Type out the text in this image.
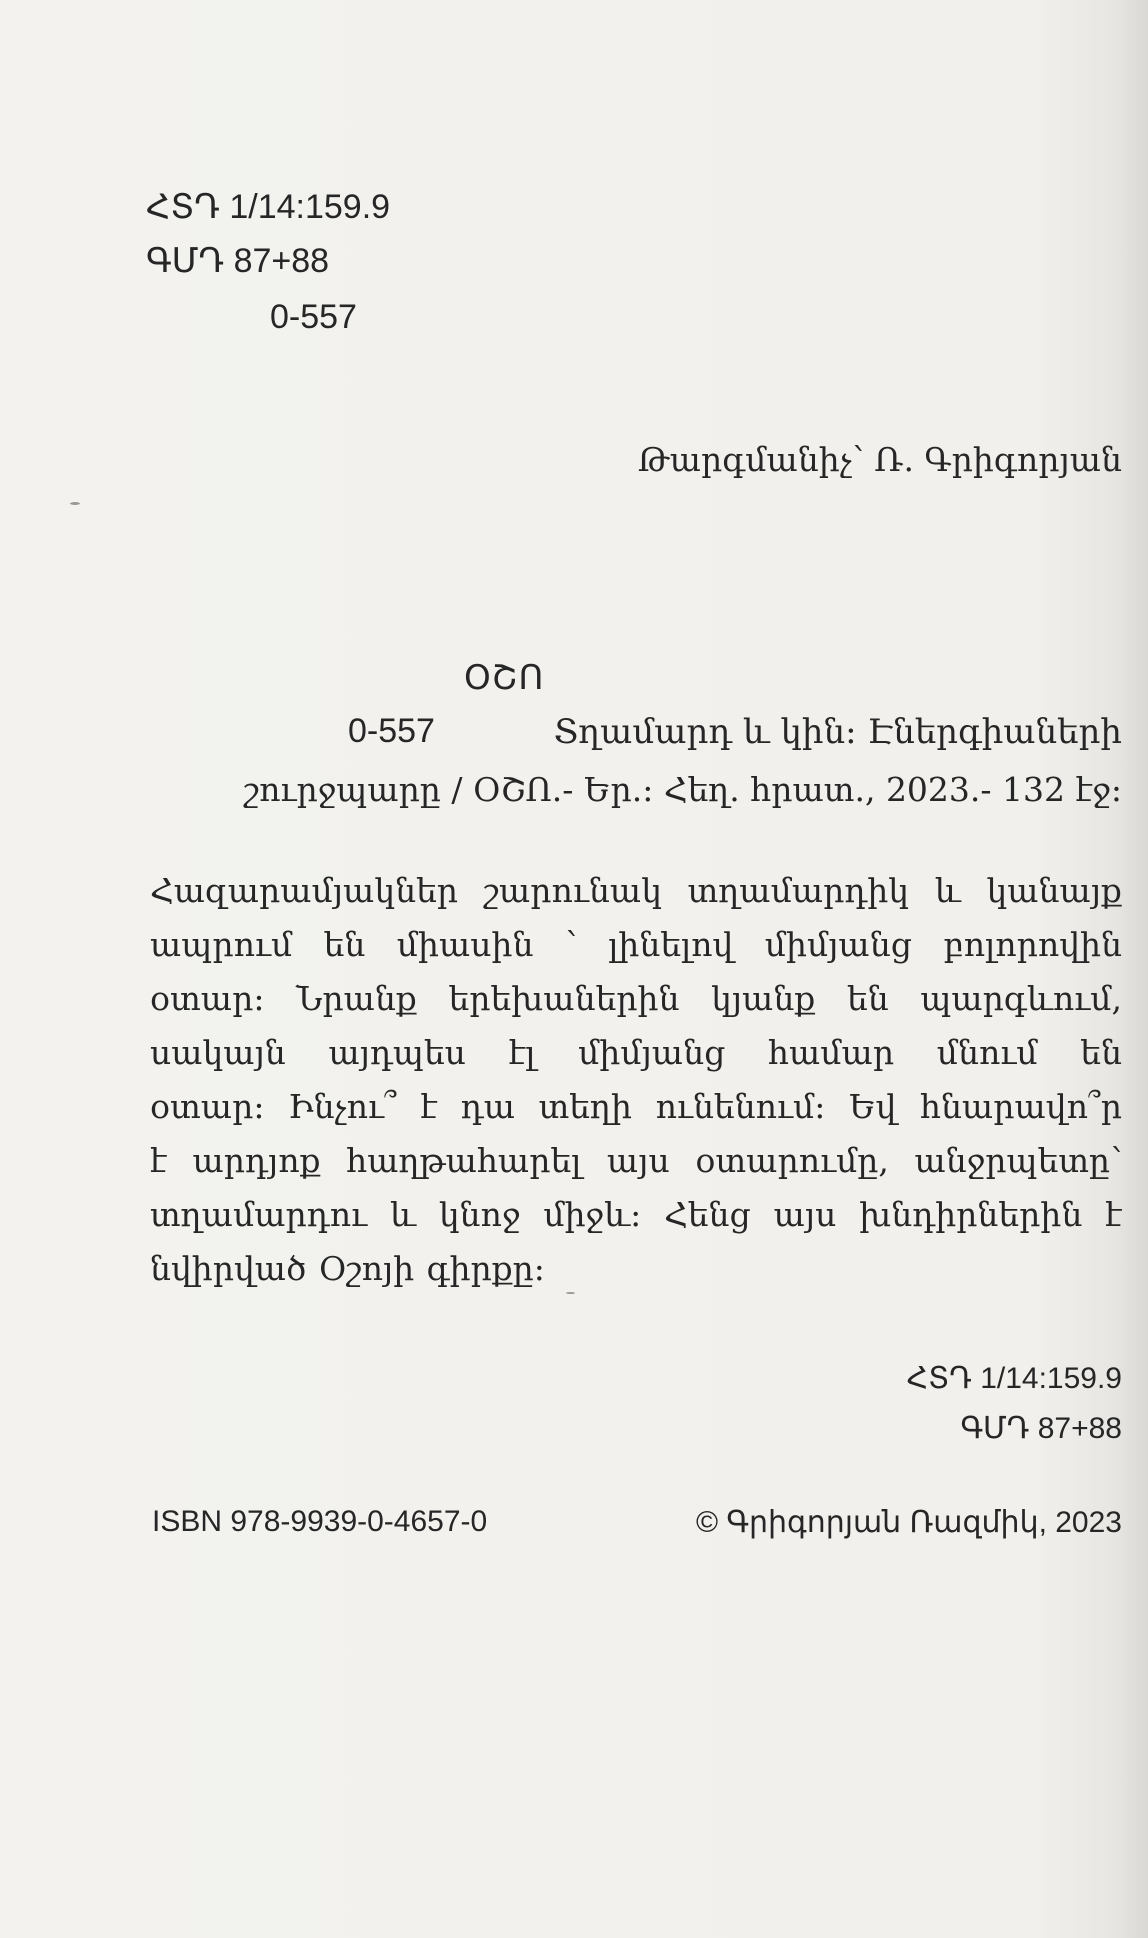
ՀՏԴ 1/14:159.9
ԳՄԴ 87+88
0-557
Թարգմանիչ՝ Ռ. Գրիգորյան
ՕՇՈ
0-557	Տղամարդ և կին: Էներգիաների
շուրջպարը / ՕՇՈ.- Եր.: Հեղ. հրատ., 2023.- 132 էջ:
Հազարամյակներ շարունակ տղամարդիկ և կանայք
ապրում են միասին ՝ լինելով միմյանց բոլորովին
օտար: Նրանք երեխաներին կյանք են պարգևում,
սակայն այդպես էլ միմյանց համար մնում են
օտար: Ինչու՞ է դա տեղի ունենում: Եվ հնարավո՞ր
է արդյոք հաղթահարել այս օտարումը, անջրպետը՝
տղամարդու և կնոջ միջև: Հենց այս խնդիրներին է
նվիրված Օշոյի գիրքը:
ՀՏԴ 1/14:159.9
ԳՄԴ 87+88
ISBN 978-9939-0-4657-0	© Գրիգորյան Ռազմիկ, 2023
